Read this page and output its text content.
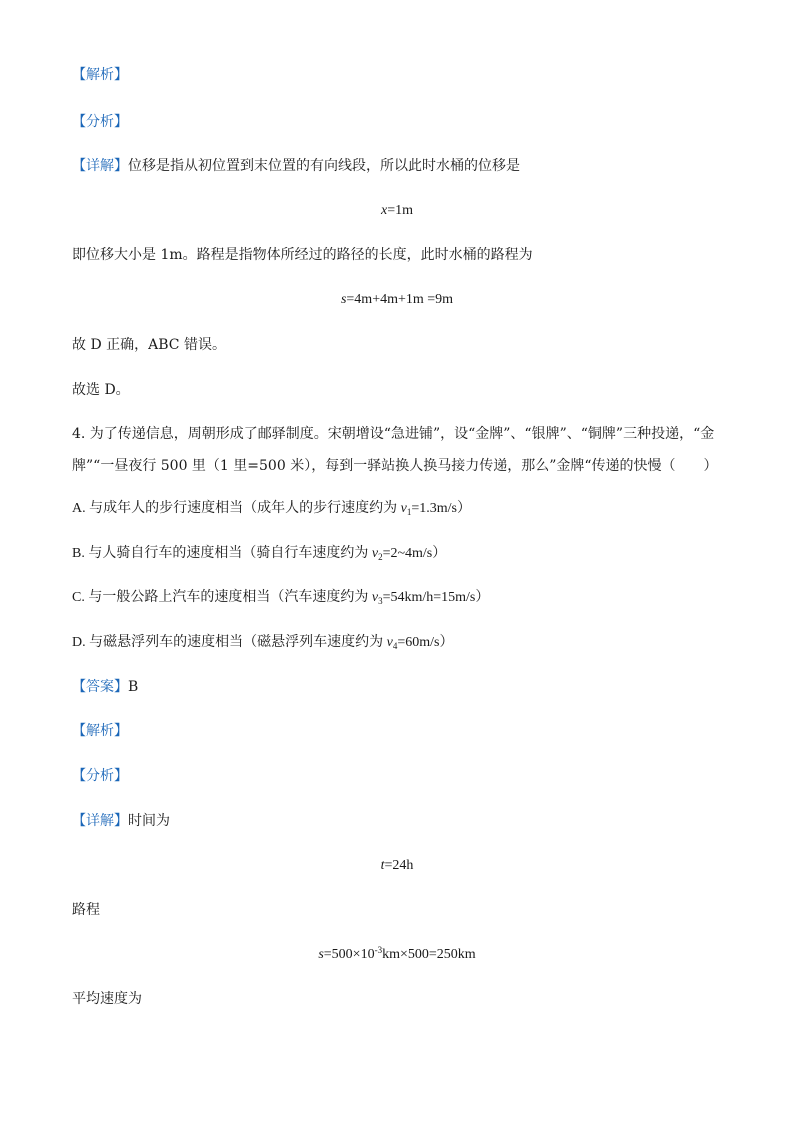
【解析】
【分析】
【详解】位移是指从初位置到末位置的有向线段，所以此时水桶的位移是
x=1m
即位移大小是 1m。路程是指物体所经过的路径的长度，此时水桶的路程为
s=4m+4m+1m =9m
故 D 正确，ABC 错误。
故选 D。
4. 为了传递信息，周朝形成了邮驿制度。宋朝增设“急进铺”，设“金牌”、“银牌”、“铜牌”三种投递，“金牌”“一昼夜行 500 里（1 里=500 米），每到一驿站换人换马接力传递，那么”金牌“传递的快慢（　　）
A. 与成年人的步行速度相当（成年人的步行速度约为 $v_1=1.3m/s$）
B. 与人骑自行车的速度相当（骑自行车速度约为 $v_2=2\sim 4m/s$）
C. 与一般公路上汽车的速度相当（汽车速度约为 $v_3=54km/h=15m/s$）
D. 与磁悬浮列车的速度相当（磁悬浮列车速度约为 $v_4=60m/s$）
【答案】B
【解析】
【分析】
【详解】时间为
t=24h
路程
$s=500\times 10^{-3}km\times 500=250km$
平均速度为
